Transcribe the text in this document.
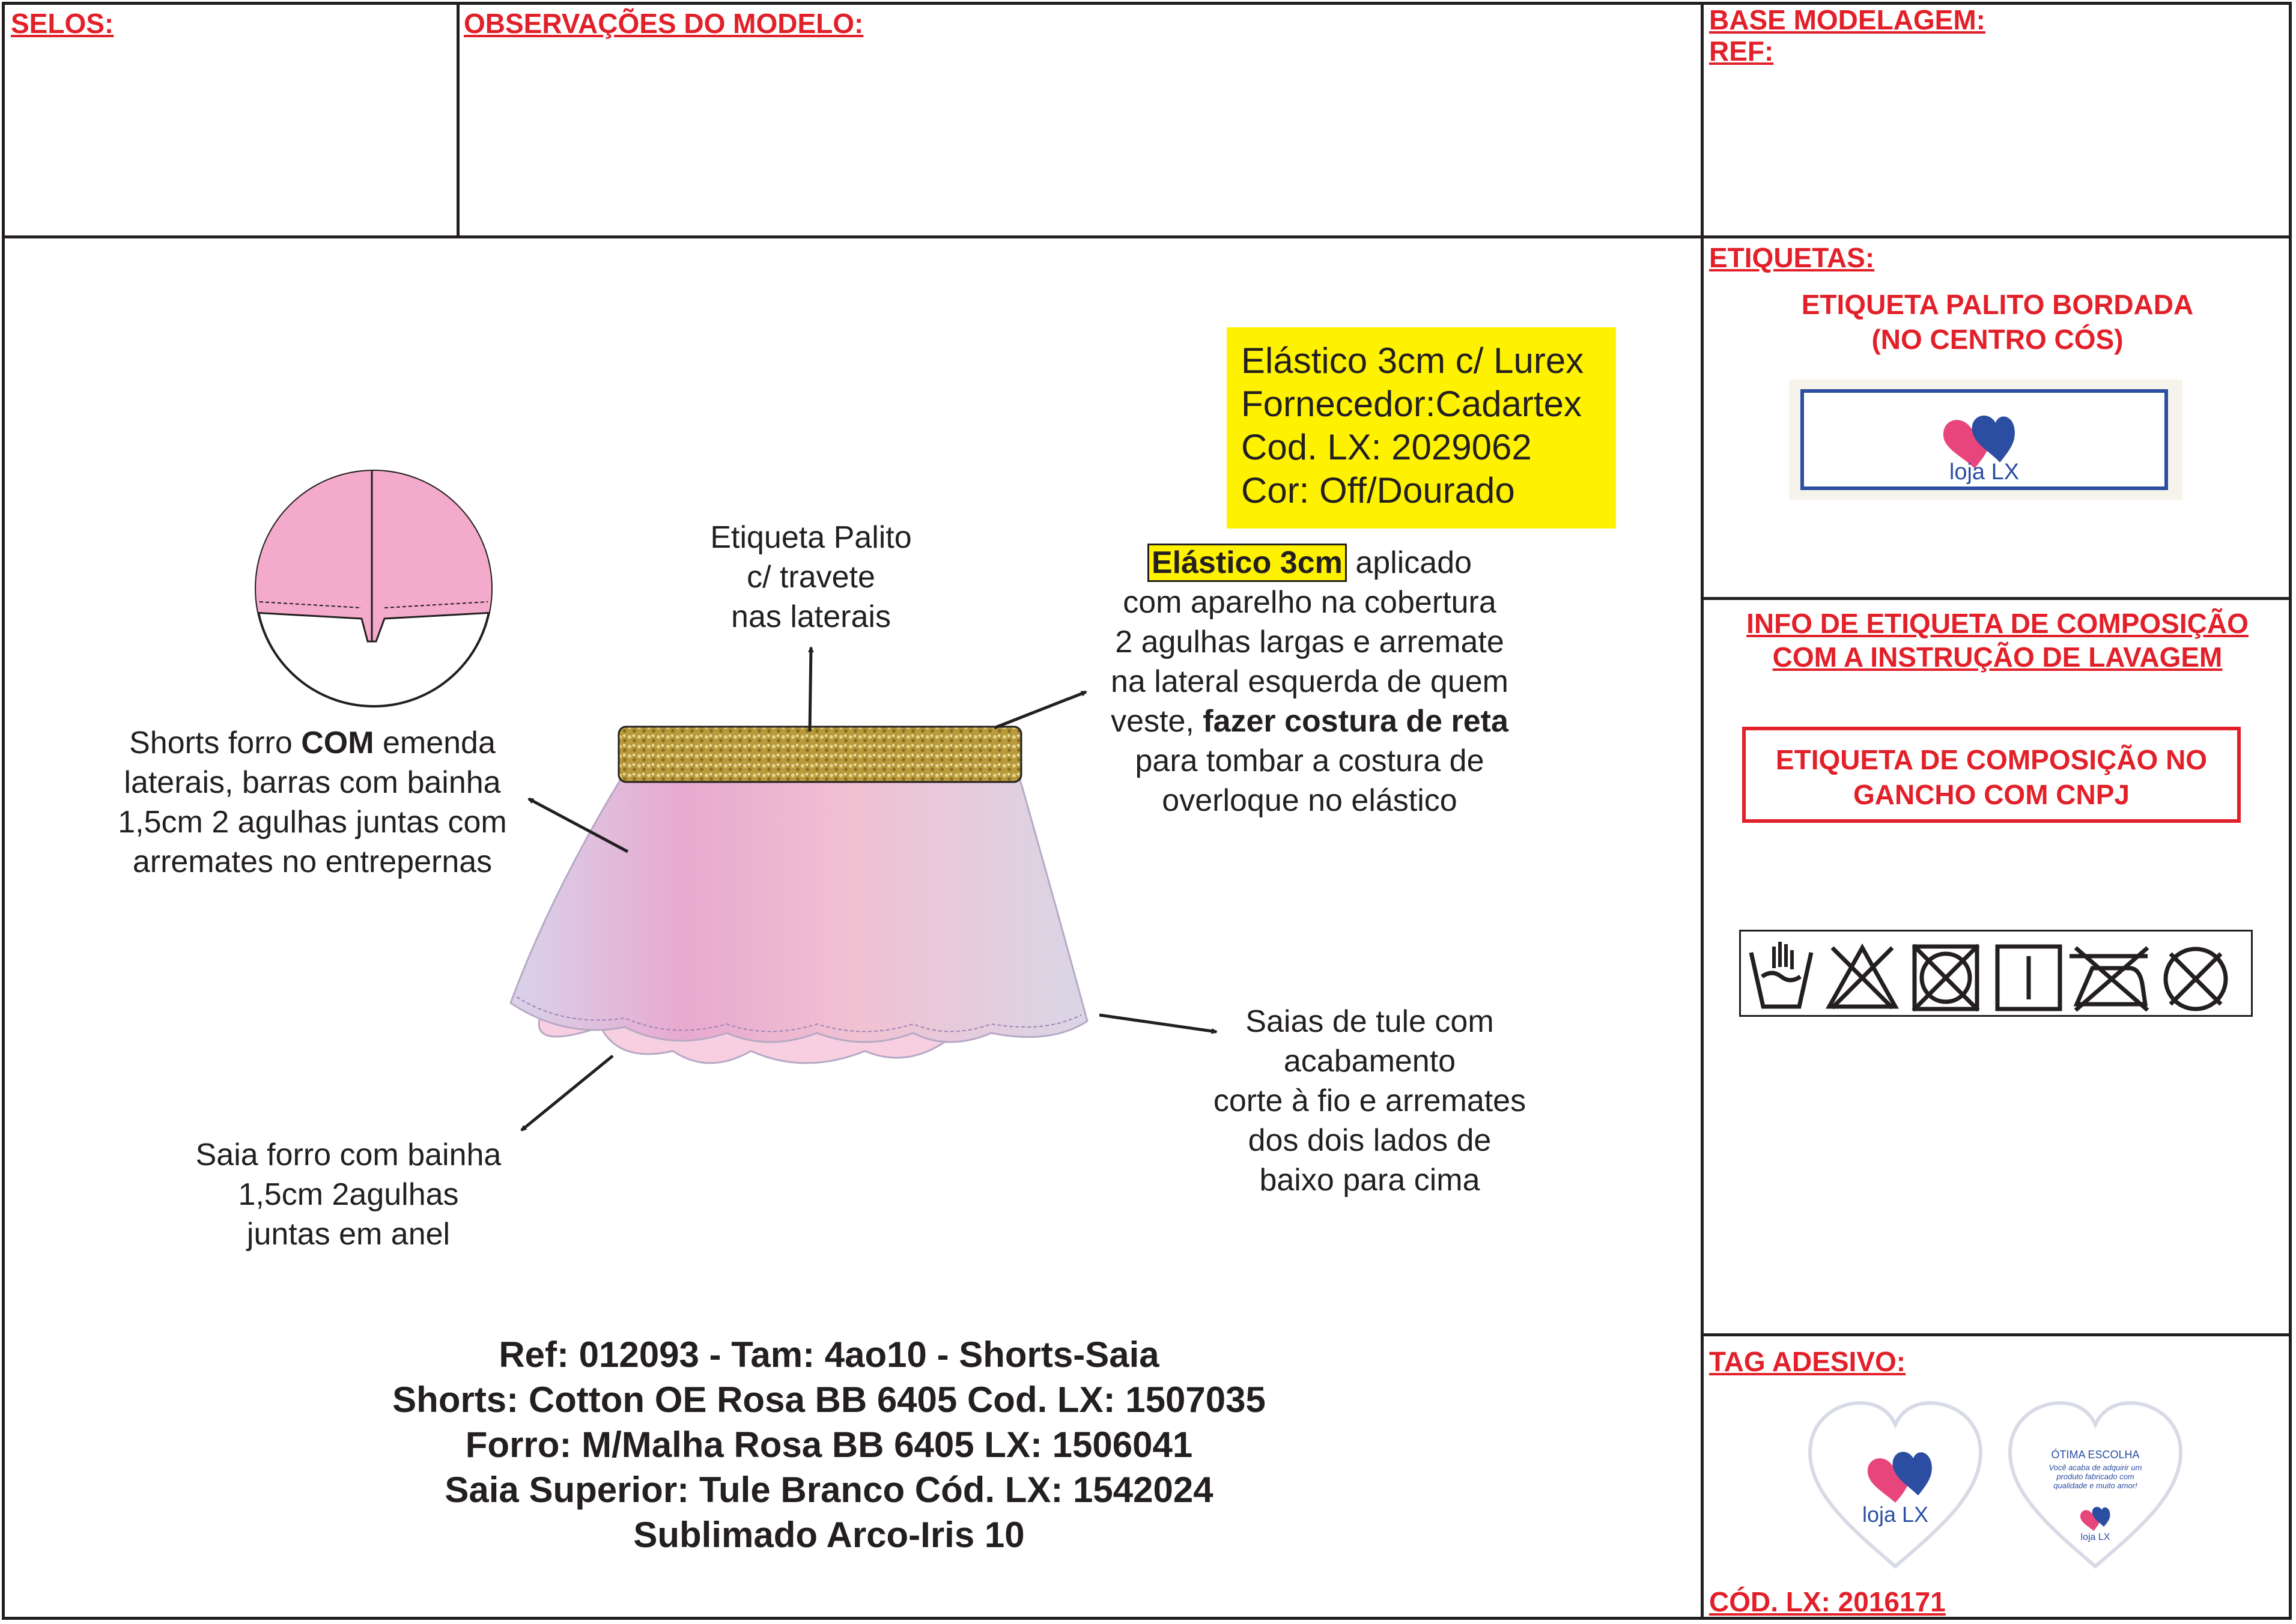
SELOS:	OBSERVAÇÕES DO MODELO:	BASE MODELAGEM:
REF:
ETIQUETAS:
ETIQUETA PALITO BORDADA
(NO CENTRO CÓS)
loja LX
INFO DE ETIQUETA DE COMPOSIÇÃO
COM A INSTRUÇÃO DE LAVAGEM
ETIQUETA DE COMPOSIÇÃO NO
GANCHO COM CNPJ
TAG ADESIVO:
loja LX
ÓTIMA ESCOLHA
Você acaba de adquirir um produto fabricado com qualidade e muito amor!
loja LX
CÓD. LX: 2016171
Elástico 3cm c/ Lurex
Fornecedor:Cadartex
Cod. LX: 2029062
Cor: Off/Dourado
Etiqueta Palito
c/ travete
nas laterais
Elástico 3cm aplicado
com aparelho na cobertura
2 agulhas largas e arremate
na lateral esquerda de quem
veste, fazer costura de reta
para tombar a costura de
overloque no elástico
Shorts forro COM emenda
laterais, barras com bainha
1,5cm 2 agulhas juntas com
arremates no entrepernas
Saias de tule com
acabamento
corte à fio e arremates
dos dois lados de
baixo para cima
Saia forro com bainha
1,5cm 2agulhas
juntas em anel
Ref: 012093 - Tam: 4ao10 - Shorts-Saia
Shorts: Cotton OE Rosa BB 6405 Cod. LX: 1507035
Forro: M/Malha Rosa BB 6405 LX: 1506041
Saia Superior: Tule Branco Cód. LX: 1542024
Sublimado Arco-Iris 10
